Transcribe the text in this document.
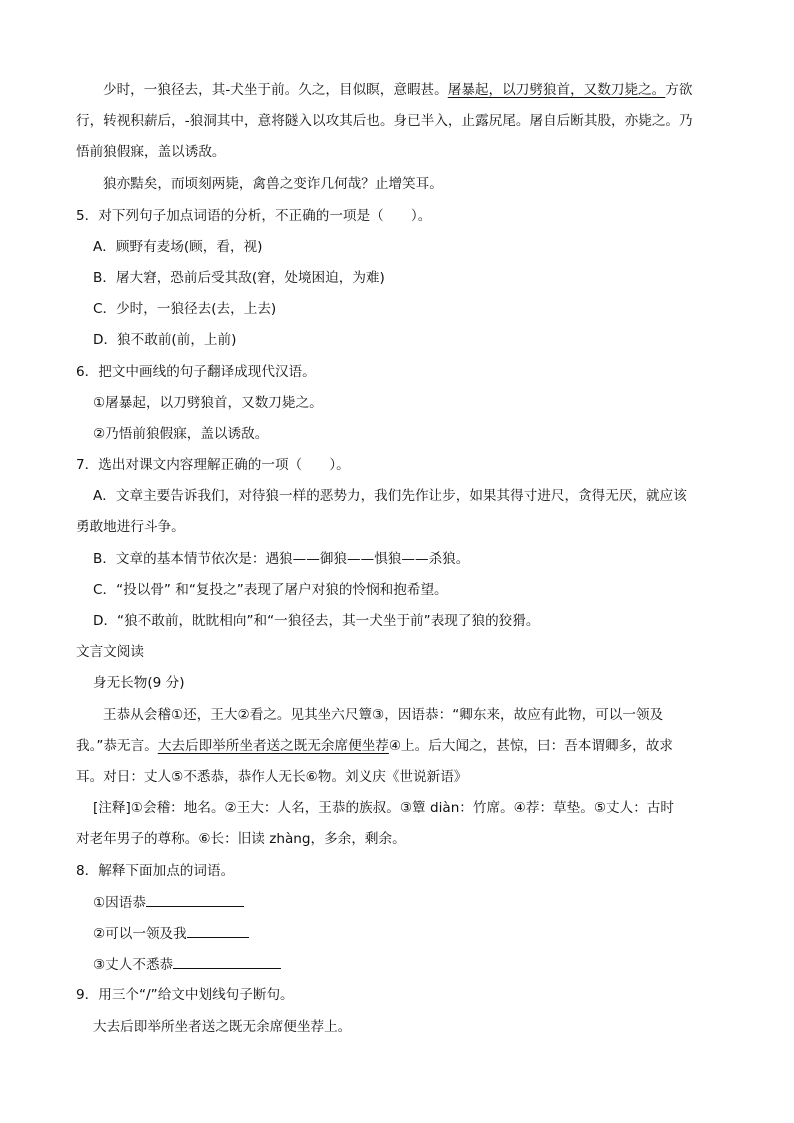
少时，一狼径去，其-犬坐于前。久之，目似瞑，意暇甚。屠暴起，以刀劈狼首，又数刀毙之。方欲
行，转视积薪后，-狼洞其中，意将隧入以攻其后也。身已半入，止露尻尾。屠自后断其股，亦毙之。乃
悟前狼假寐，盖以诱敌。
狼亦黠矣，而顷刻两毙，禽兽之变诈几何哉？止增笑耳。
5．对下列句子加点词语的分析，不正确的一项是（　　）。
A．顾野有麦场(顾，看，视)
B．屠大窘，恐前后受其敌(窘，处境困迫，为难)
C．少时，一狼径去(去，上去)
D．狼不敢前(前，上前)
6．把文中画线的句子翻译成现代汉语。
①屠暴起，以刀劈狼首，又数刀毙之。
②乃悟前狼假寐，盖以诱敌。
7．选出对课文内容理解正确的一项（　　）。
A．文章主要告诉我们，对待狼一样的恶势力，我们先作让步，如果其得寸进尺，贪得无厌，就应该
勇敢地进行斗争。
B．文章的基本情节依次是：遇狼——御狼——惧狼——杀狼。
C．“投以骨” 和“复投之”表现了屠户对狼的怜悯和抱希望。
D．“狼不敢前，眈眈相向”和“一狼径去，其一犬坐于前”表现了狼的狡猾。
文言文阅读
身无长物(9 分)
王恭从会稽①还，王大②看之。见其坐六尺簟③，因语恭：“卿东来，故应有此物，可以一领及
我。”恭无言。大去后即举所坐者送之既无余席便坐荐④上。后大闻之，甚惊，曰：吾本谓卿多，故求
耳。对日：丈人⑤不悉恭，恭作人无长⑥物。刘义庆《世说新语》
[注释]①会稽：地名。②王大：人名，王恭的族叔。③簟 diàn：竹席。④荐：草垫。⑤丈人：古时
对老年男子的尊称。⑥长：旧读 zhàng，多余，剩余。
8．解释下面加点的词语。
①因语恭
②可以一领及我
③丈人不悉恭
9．用三个“/”给文中划线句子断句。
大去后即举所坐者送之既无余席便坐荐上。
